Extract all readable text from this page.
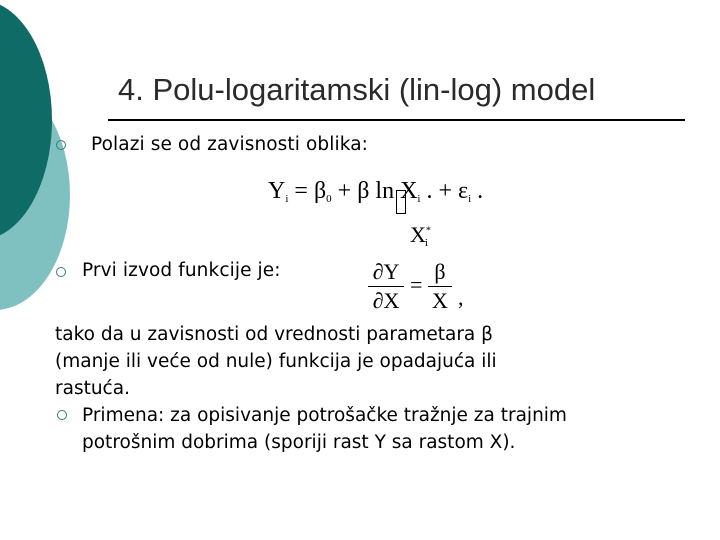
4. Polu-logaritamski (lin-log) model
Polazi se od zavisnosti oblika:
$Y_i = \beta_0 + \beta$ $\ln X_i$ . + $\varepsilon_i$ .
$X^*_i$
Prvi izvod funkcije je:	∂Y
∂X
=
β
X ,
tako da u zavisnosti od vrednosti parametara β
(manje ili veće od nule) funkcija je opadajuća ili
rastuća.
Primena: za opisivanje potrošačke tražnje za trajnim
potrošnim dobrima (sporiji rast Y sa rastom X).
